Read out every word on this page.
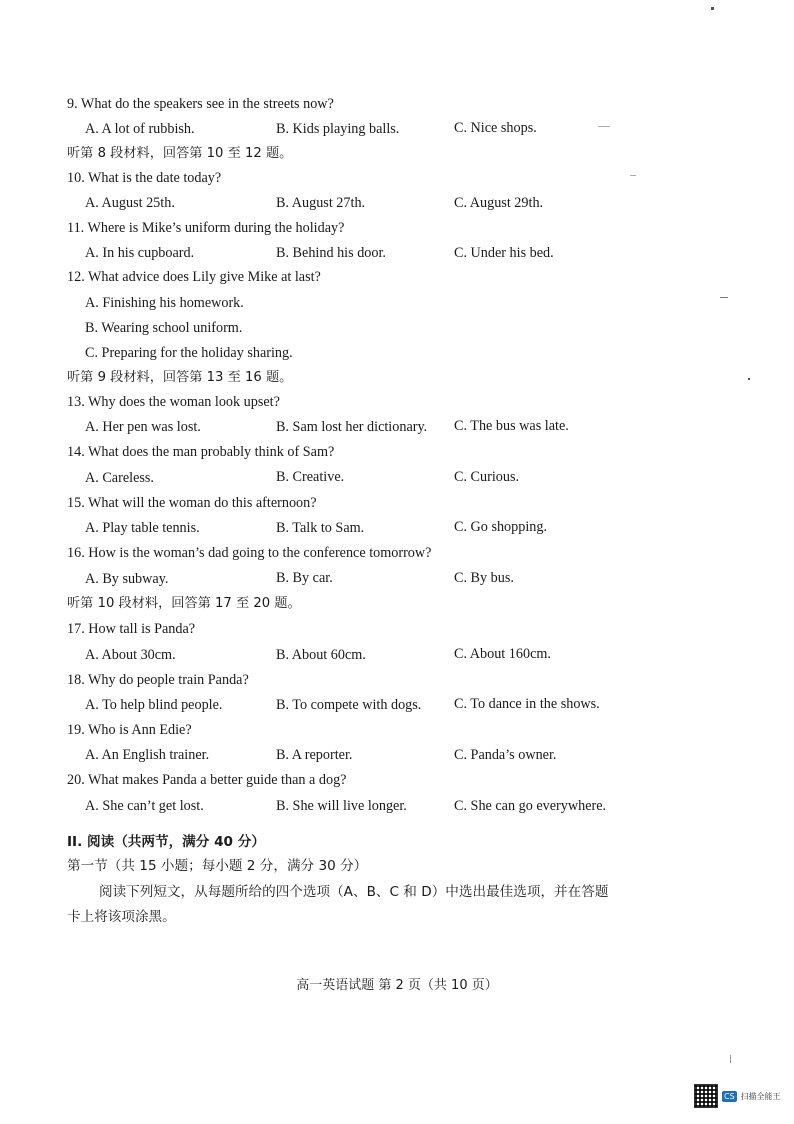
9. What do the speakers see in the streets now?
A. A lot of rubbish.	B. Kids playing balls.	C. Nice shops.
听第 8 段材料，回答第 10 至 12 题。
10. What is the date today?
A. August 25th.	B. August 27th.	C. August 29th.
11. Where is Mike’s uniform during the holiday?
A. In his cupboard.	B. Behind his door.	C. Under his bed.
12. What advice does Lily give Mike at last?
A. Finishing his homework.
B. Wearing school uniform.
C. Preparing for the holiday sharing.
听第 9 段材料，回答第 13 至 16 题。
13. Why does the woman look upset?
A. Her pen was lost.	B. Sam lost her dictionary. C. The bus was late.
14. What does the man probably think of Sam?
A. Careless.	B. Creative.	C. Curious.
15. What will the woman do this afternoon?
A. Play table tennis.	B. Talk to Sam.	C. Go shopping.
16. How is the woman’s dad going to the conference tomorrow?
A. By subway.	B. By car.	C. By bus.
听第 10 段材料，回答第 17 至 20 题。
17. How tall is Panda?
A. About 30cm.	B. About 60cm.	C. About 160cm.
18. Why do people train Panda?
A. To help blind people.	B. To compete with dogs. C. To dance in the shows.
19. Who is Ann Edie?
A. An English trainer.	B. A reporter.	C. Panda’s owner.
20. What makes Panda a better guide than a dog?
A. She can’t get lost.	B. She will live longer.	C. She can go everywhere.
II. 阅读（共两节，满分 40 分）
第一节（共 15 小题；每小题 2 分，满分 30 分）
阅读下列短文，从每题所给的四个选项（A、B、C 和 D）中选出最佳选项，并在答题
卡上将该项涂黑。
高一英语试题 第 2 页（共 10 页）
CS 扫描全能王
